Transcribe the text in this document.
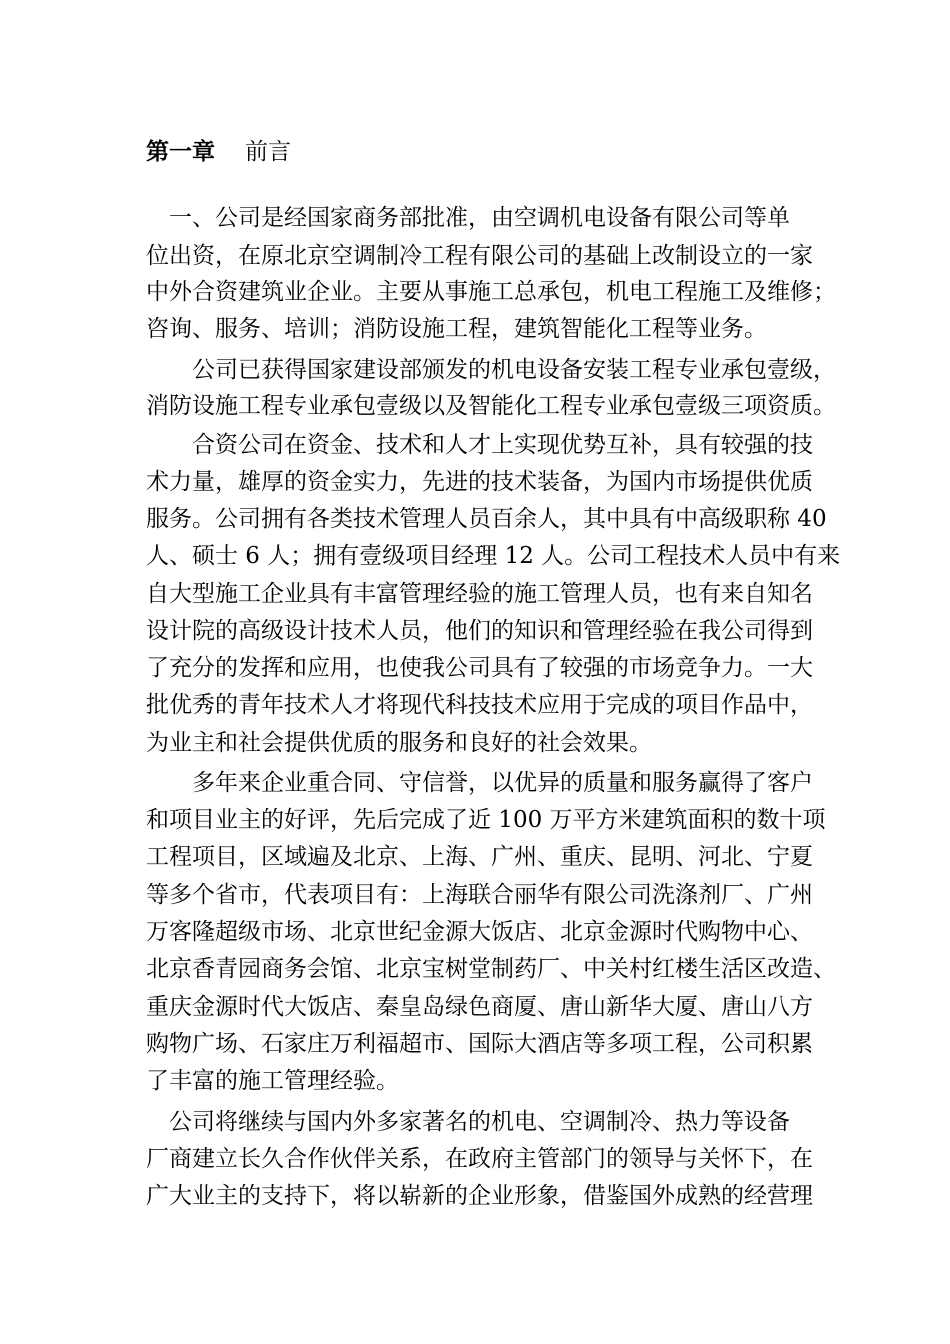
第一章 前言
　一、公司是经国家商务部批准，由空调机电设备有限公司等单
位出资，在原北京空调制冷工程有限公司的基础上改制设立的一家
中外合资建筑业企业。主要从事施工总承包，机电工程施工及维修；
咨询、服务、培训；消防设施工程，建筑智能化工程等业务。
　　公司已获得国家建设部颁发的机电设备安装工程专业承包壹级，
消防设施工程专业承包壹级以及智能化工程专业承包壹级三项资质。
　　合资公司在资金、技术和人才上实现优势互补，具有较强的技
术力量，雄厚的资金实力，先进的技术装备，为国内市场提供优质
服务。公司拥有各类技术管理人员百余人，其中具有中高级职称 40
人、硕士 6 人；拥有壹级项目经理 12 人。公司工程技术人员中有来
自大型施工企业具有丰富管理经验的施工管理人员，也有来自知名
设计院的高级设计技术人员，他们的知识和管理经验在我公司得到
了充分的发挥和应用，也使我公司具有了较强的市场竞争力。一大
批优秀的青年技术人才将现代科技技术应用于完成的项目作品中，
为业主和社会提供优质的服务和良好的社会效果。
　　多年来企业重合同、守信誉，以优异的质量和服务赢得了客户
和项目业主的好评，先后完成了近 100 万平方米建筑面积的数十项
工程项目，区域遍及北京、上海、广州、重庆、昆明、河北、宁夏
等多个省市，代表项目有：上海联合丽华有限公司洗涤剂厂、广州
万客隆超级市场、北京世纪金源大饭店、北京金源时代购物中心、
北京香青园商务会馆、北京宝树堂制药厂、中关村红楼生活区改造、
重庆金源时代大饭店、秦皇岛绿色商厦、唐山新华大厦、唐山八方
购物广场、石家庄万利福超市、国际大酒店等多项工程，公司积累
了丰富的施工管理经验。
　公司将继续与国内外多家著名的机电、空调制冷、热力等设备
厂商建立长久合作伙伴关系，在政府主管部门的领导与关怀下，在
广大业主的支持下，将以崭新的企业形象，借鉴国外成熟的经营理
